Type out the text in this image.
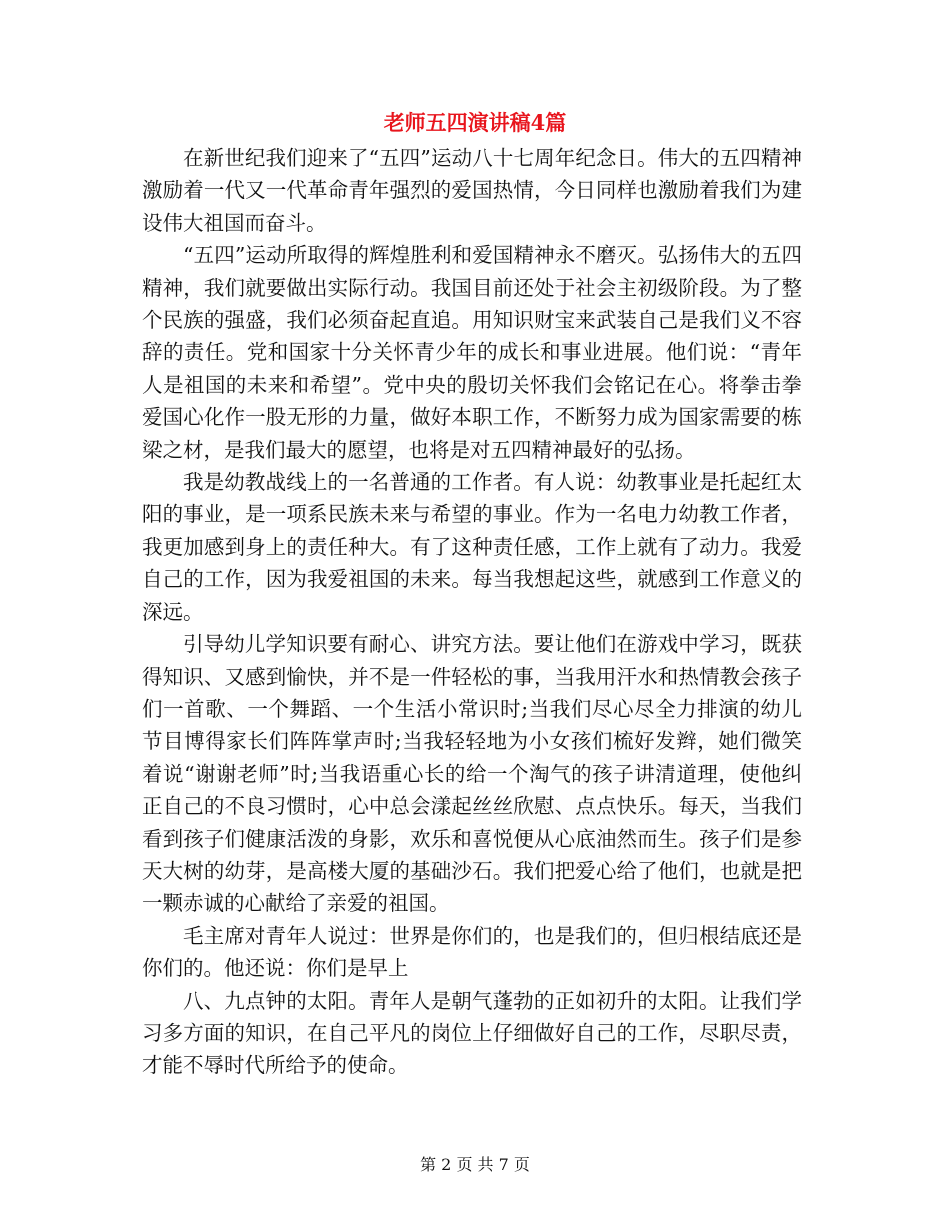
老师五四演讲稿4篇

在新世纪我们迎来了“五四”运动八十七周年纪念日。伟大的五四精神激励着一代又一代革命青年强烈的爱国热情，今日同样也激励着我们为建设伟大祖国而奋斗。

“五四”运动所取得的辉煌胜利和爱国精神永不磨灭。弘扬伟大的五四精神，我们就要做出实际行动。我国目前还处于社会主初级阶段。为了整个民族的强盛，我们必须奋起直追。用知识财宝来武装自己是我们义不容辞的责任。党和国家十分关怀青少年的成长和事业进展。他们说：“青年人是祖国的未来和希望”。党中央的殷切关怀我们会铭记在心。将拳击拳爱国心化作一股无形的力量，做好本职工作，不断努力成为国家需要的栋梁之材，是我们最大的愿望，也将是对五四精神最好的弘扬。

我是幼教战线上的一名普通的工作者。有人说：幼教事业是托起红太阳的事业，是一项系民族未来与希望的事业。作为一名电力幼教工作者，我更加感到身上的责任种大。有了这种责任感，工作上就有了动力。我爱自己的工作，因为我爱祖国的未来。每当我想起这些，就感到工作意义的深远。

引导幼儿学知识要有耐心、讲究方法。要让他们在游戏中学习，既获得知识、又感到愉快，并不是一件轻松的事，当我用汗水和热情教会孩子们一首歌、一个舞蹈、一个生活小常识时;当我们尽心尽全力排演的幼儿节目博得家长们阵阵掌声时;当我轻轻地为小女孩们梳好发辫，她们微笑着说“谢谢老师”时;当我语重心长的给一个淘气的孩子讲清道理，使他纠正自己的不良习惯时，心中总会漾起丝丝欣慰、点点快乐。每天，当我们看到孩子们健康活泼的身影，欢乐和喜悦便从心底油然而生。孩子们是参天大树的幼芽，是高楼大厦的基础沙石。我们把爱心给了他们，也就是把一颗赤诚的心献给了亲爱的祖国。

毛主席对青年人说过：世界是你们的，也是我们的，但归根结底还是你们的。他还说：你们是早上

八、九点钟的太阳。青年人是朝气蓬勃的正如初升的太阳。让我们学习多方面的知识，在自己平凡的岗位上仔细做好自己的工作，尽职尽责，才能不辱时代所给予的使命。

第 2 页 共 7 页
